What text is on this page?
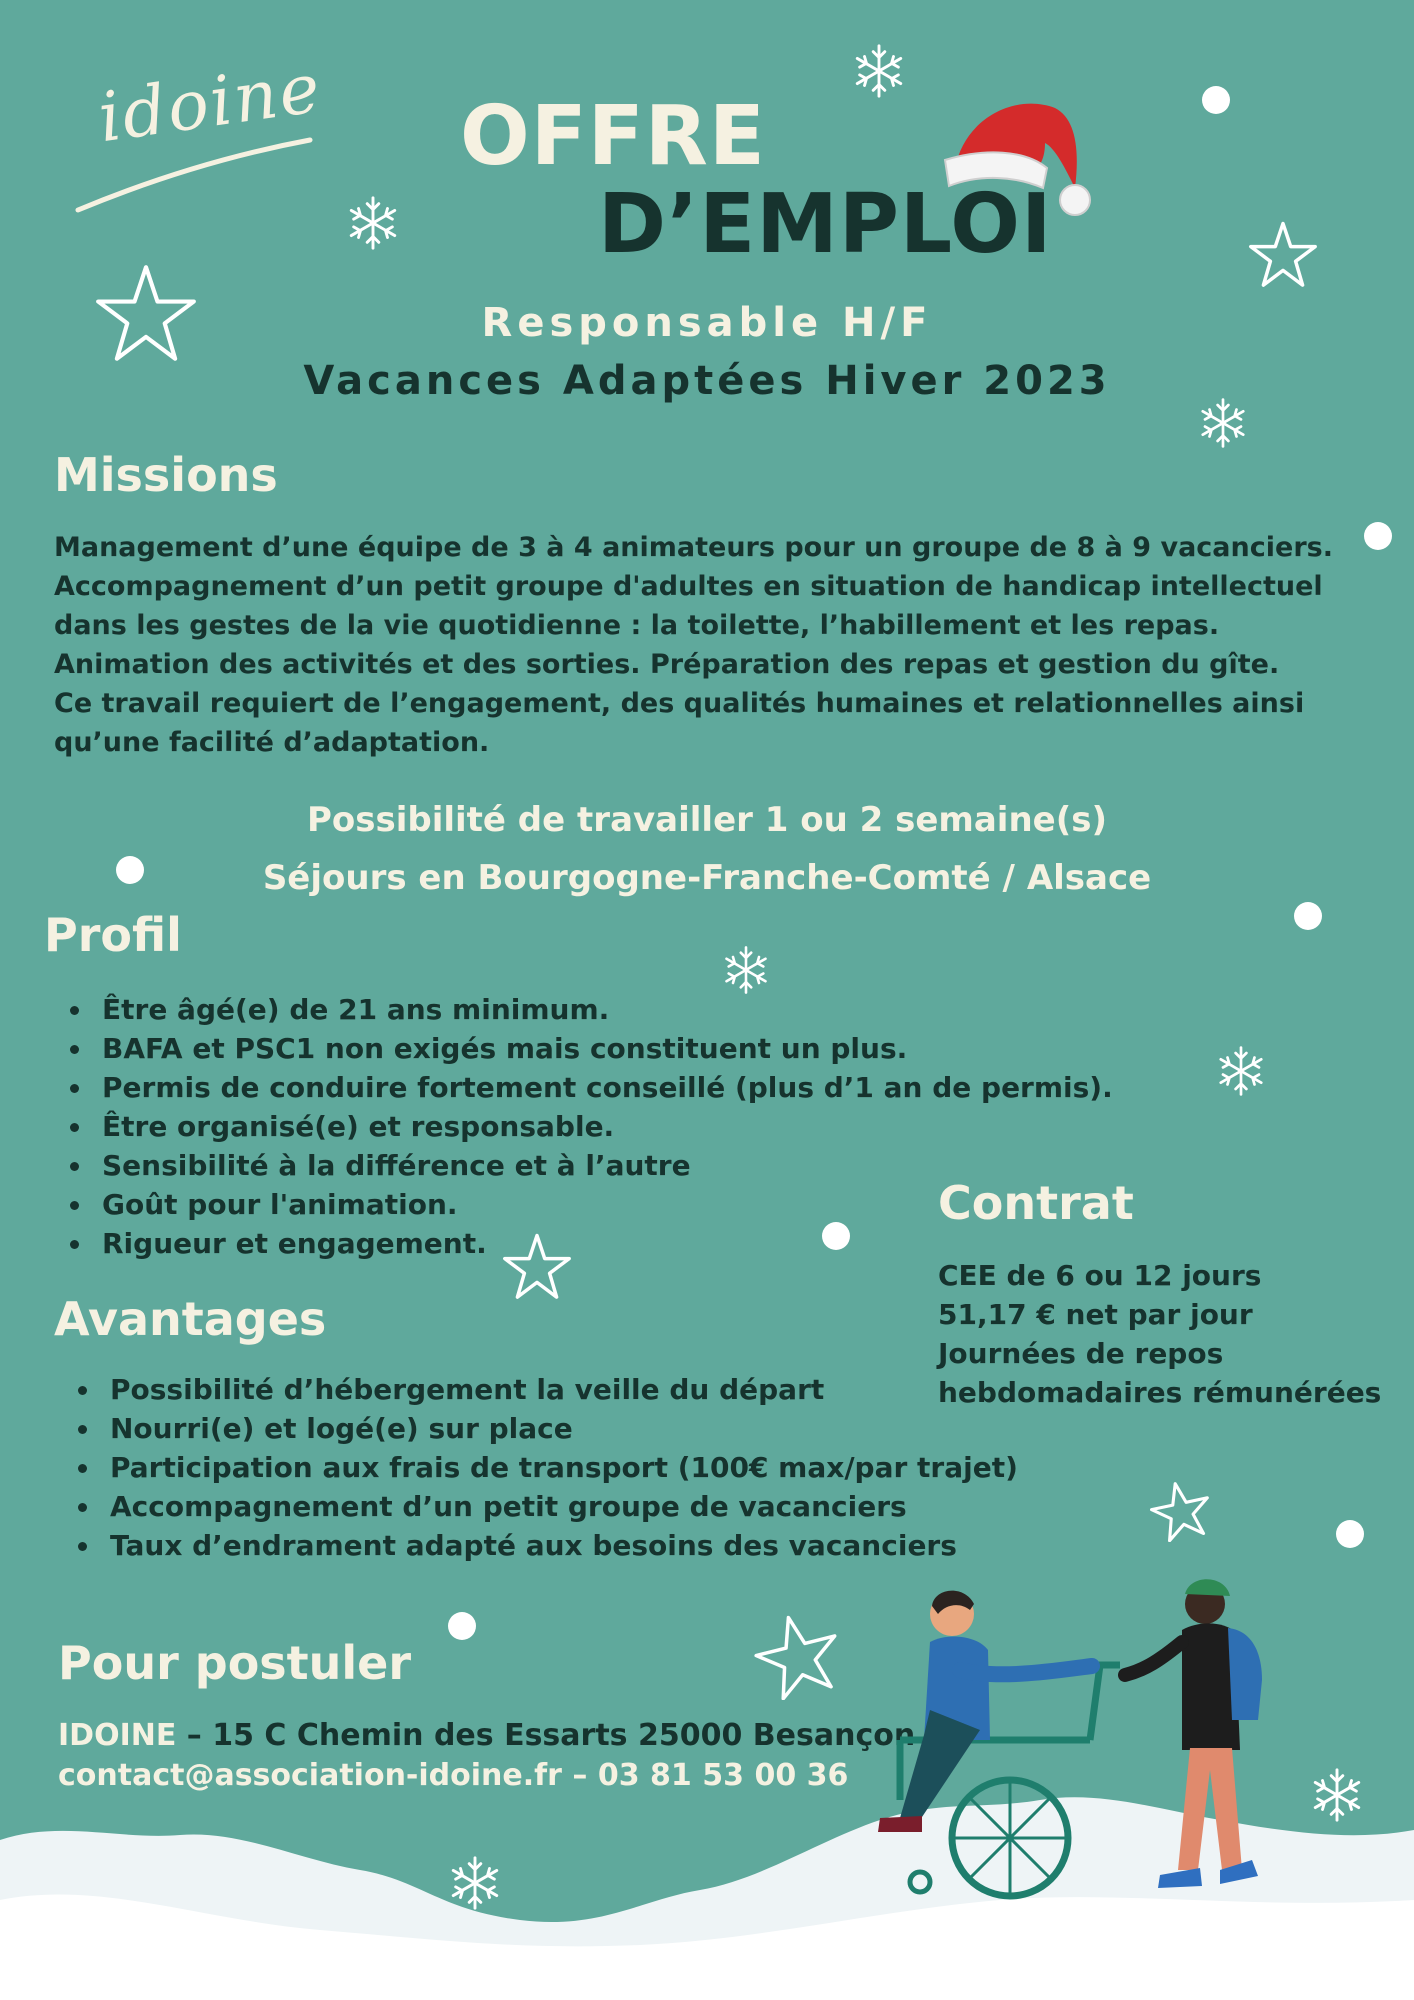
idoine OFFRE
D’EMPLOI
Responsable H/F
Vacances Adaptées Hiver 2023
Missions
Management d’une équipe de 3 à 4 animateurs pour un groupe de 8 à 9 vacanciers.
Accompagnement d’un petit groupe d'adultes en situation de handicap intellectuel
dans les gestes de la vie quotidienne : la toilette, l’habillement et les repas.
Animation des activités et des sorties. Préparation des repas et gestion du gîte.
Ce travail requiert de l’engagement, des qualités humaines et relationnelles ainsi
qu’une facilité d’adaptation.
Possibilité de travailler 1 ou 2 semaine(s)
Séjours en Bourgogne-Franche-Comté / Alsace
Profil
Être âgé(e) de 21 ans minimum.
BAFA et PSC1 non exigés mais constituent un plus.
Permis de conduire fortement conseillé (plus d’1 an de permis).
Être organisé(e) et responsable.
Sensibilité à la différence et à l’autre
Goût pour l'animation.
Rigueur et engagement.
Contrat
CEE de 6 ou 12 jours
51,17 € net par jour
Journées de repos
hebdomadaires rémunérées
Avantages
Possibilité d’hébergement la veille du départ
Nourri(e) et logé(e) sur place
Participation aux frais de transport (100€ max/par trajet)
Accompagnement d’un petit groupe de vacanciers
Taux d’endrament adapté aux besoins des vacanciers
Pour postuler
IDOINE – 15 C Chemin des Essarts 25000 Besançon
contact@association-idoine.fr – 03 81 53 00 36
